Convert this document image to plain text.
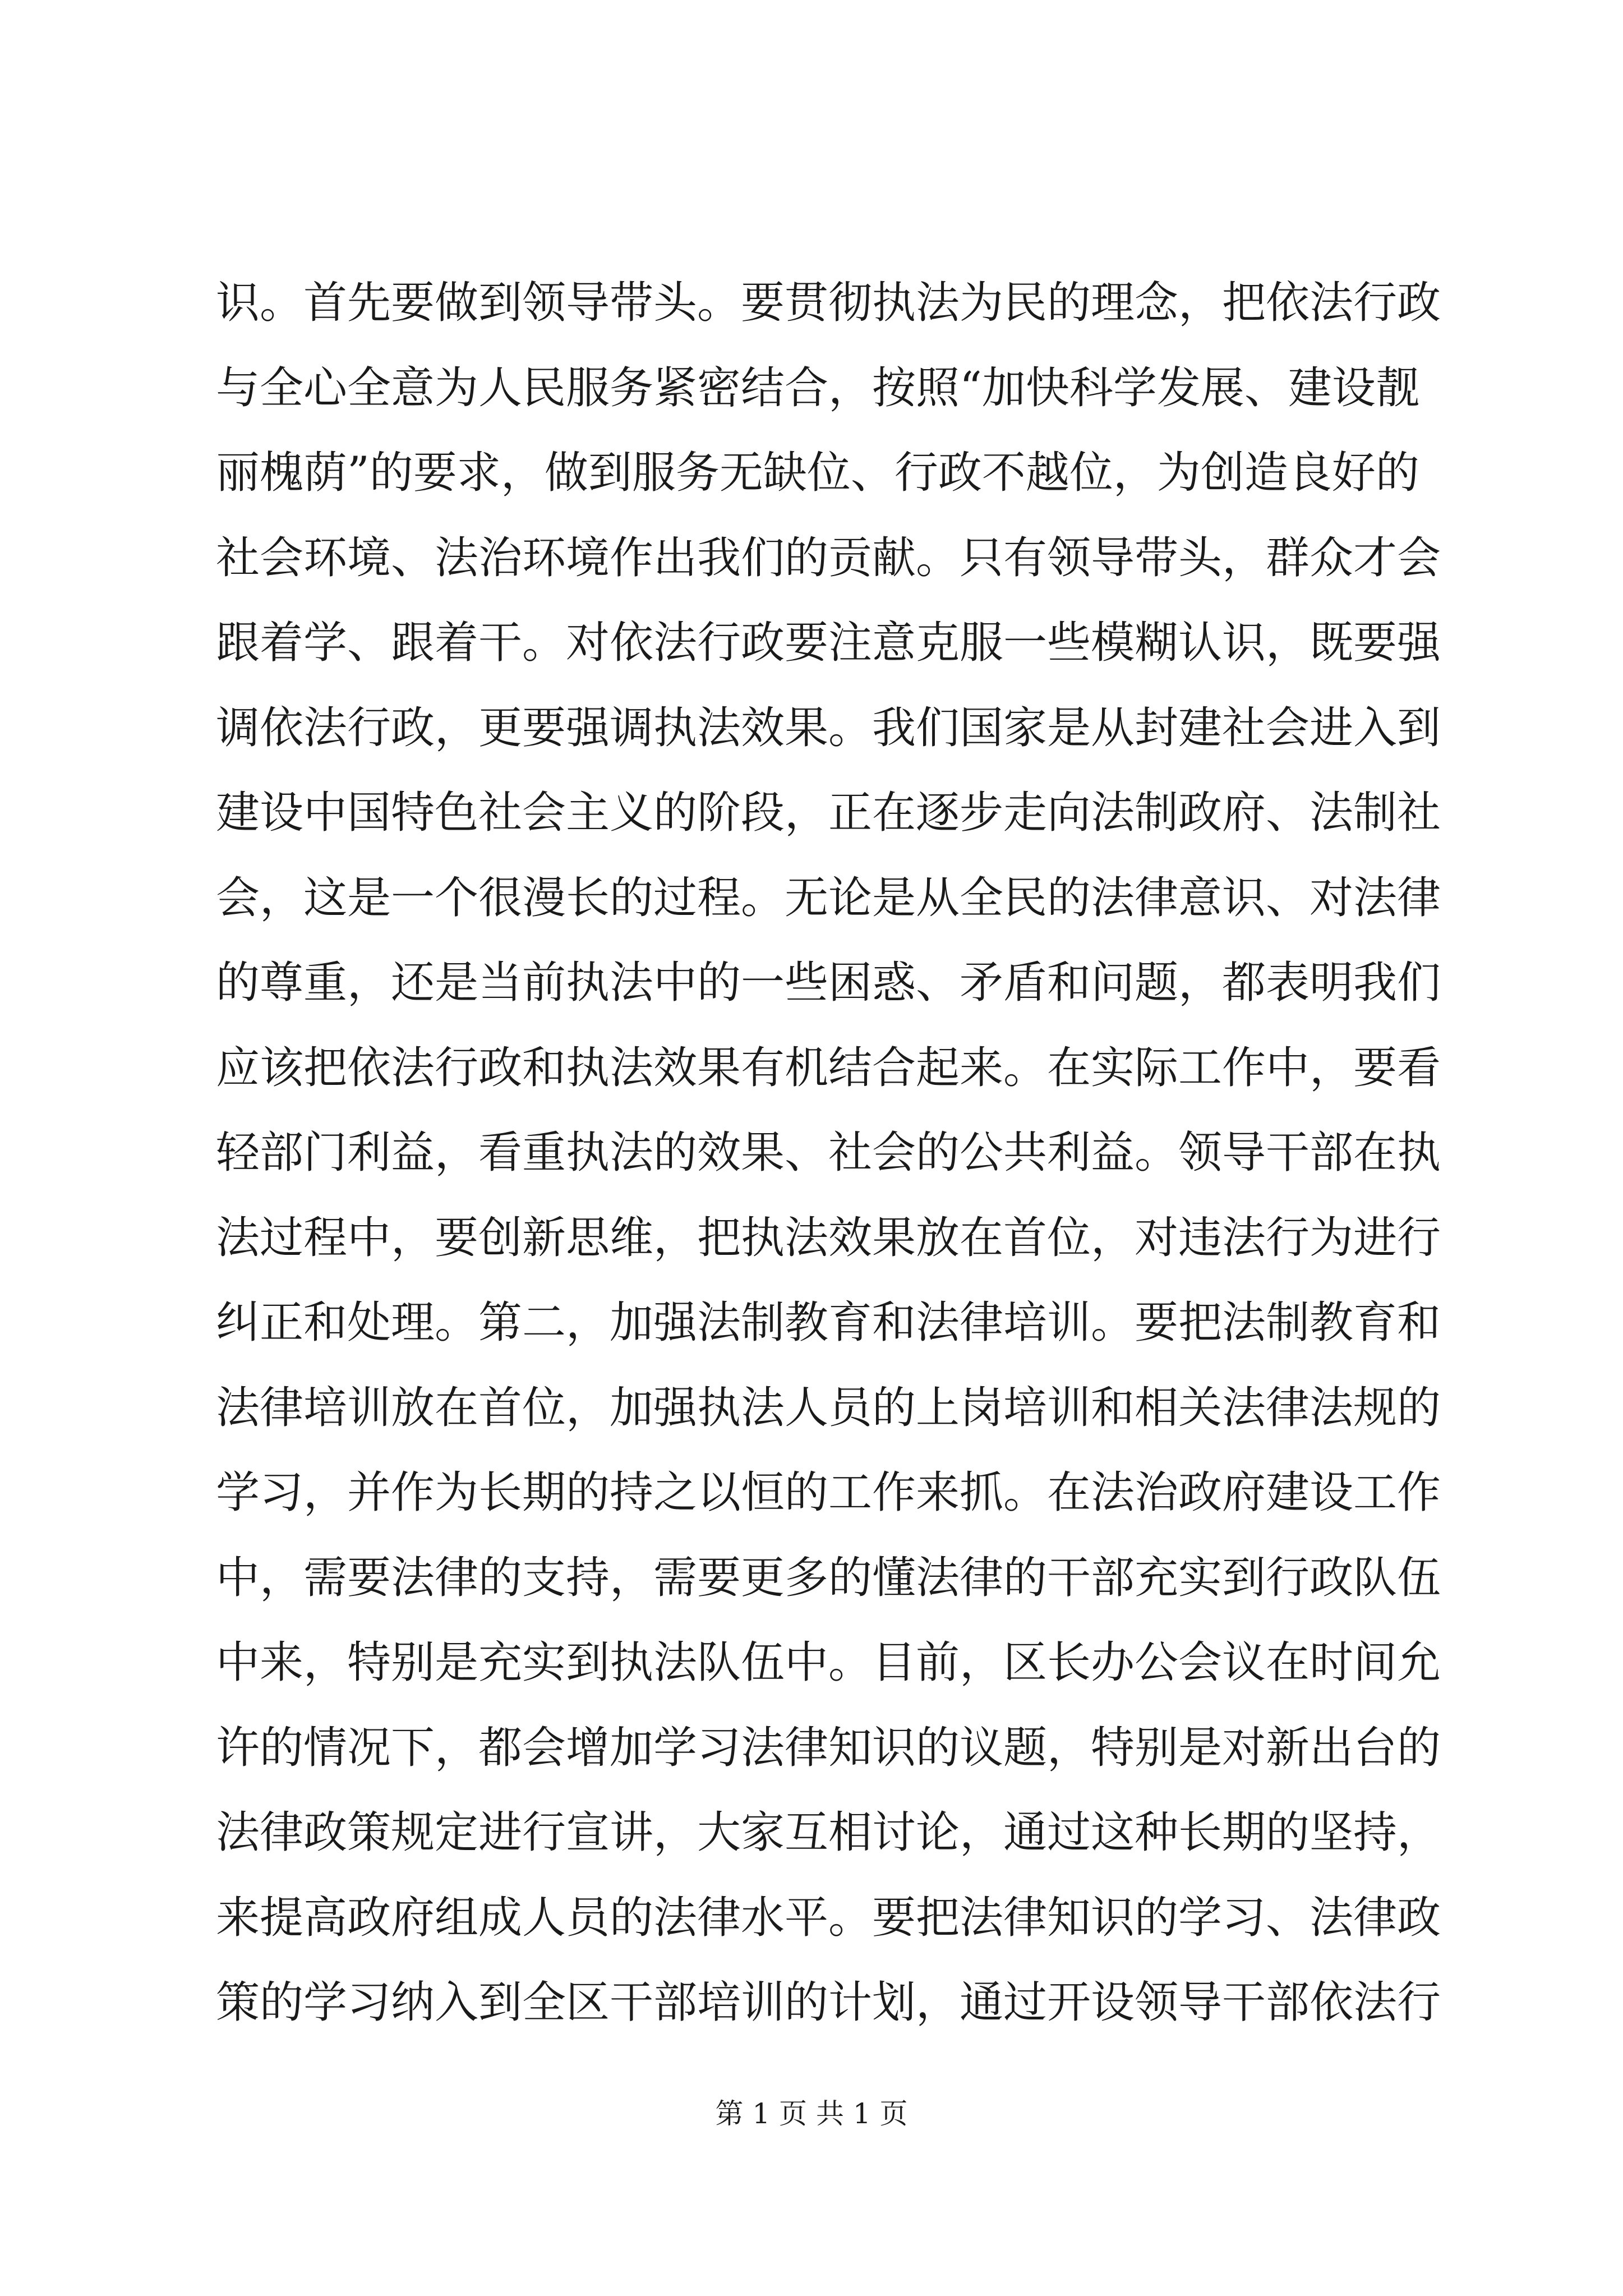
识。首先要做到领导带头。要贯彻执法为民的理念，把依法行政
与全心全意为人民服务紧密结合，按照“加快科学发展、建设靓
丽槐荫”的要求，做到服务无缺位、行政不越位，为创造良好的
社会环境、法治环境作出我们的贡献。只有领导带头，群众才会
跟着学、跟着干。对依法行政要注意克服一些模糊认识，既要强
调依法行政，更要强调执法效果。我们国家是从封建社会进入到
建设中国特色社会主义的阶段，正在逐步走向法制政府、法制社
会，这是一个很漫长的过程。无论是从全民的法律意识、对法律
的尊重，还是当前执法中的一些困惑、矛盾和问题，都表明我们
应该把依法行政和执法效果有机结合起来。在实际工作中，要看
轻部门利益，看重执法的效果、社会的公共利益。领导干部在执
法过程中，要创新思维，把执法效果放在首位，对违法行为进行
纠正和处理。第二，加强法制教育和法律培训。要把法制教育和
法律培训放在首位，加强执法人员的上岗培训和相关法律法规的
学习，并作为长期的持之以恒的工作来抓。在法治政府建设工作
中，需要法律的支持，需要更多的懂法律的干部充实到行政队伍
中来，特别是充实到执法队伍中。目前，区长办公会议在时间允
许的情况下，都会增加学习法律知识的议题，特别是对新出台的
法律政策规定进行宣讲，大家互相讨论，通过这种长期的坚持，
来提高政府组成人员的法律水平。要把法律知识的学习、法律政
策的学习纳入到全区干部培训的计划，通过开设领导干部依法行
第 1 页 共 1 页
